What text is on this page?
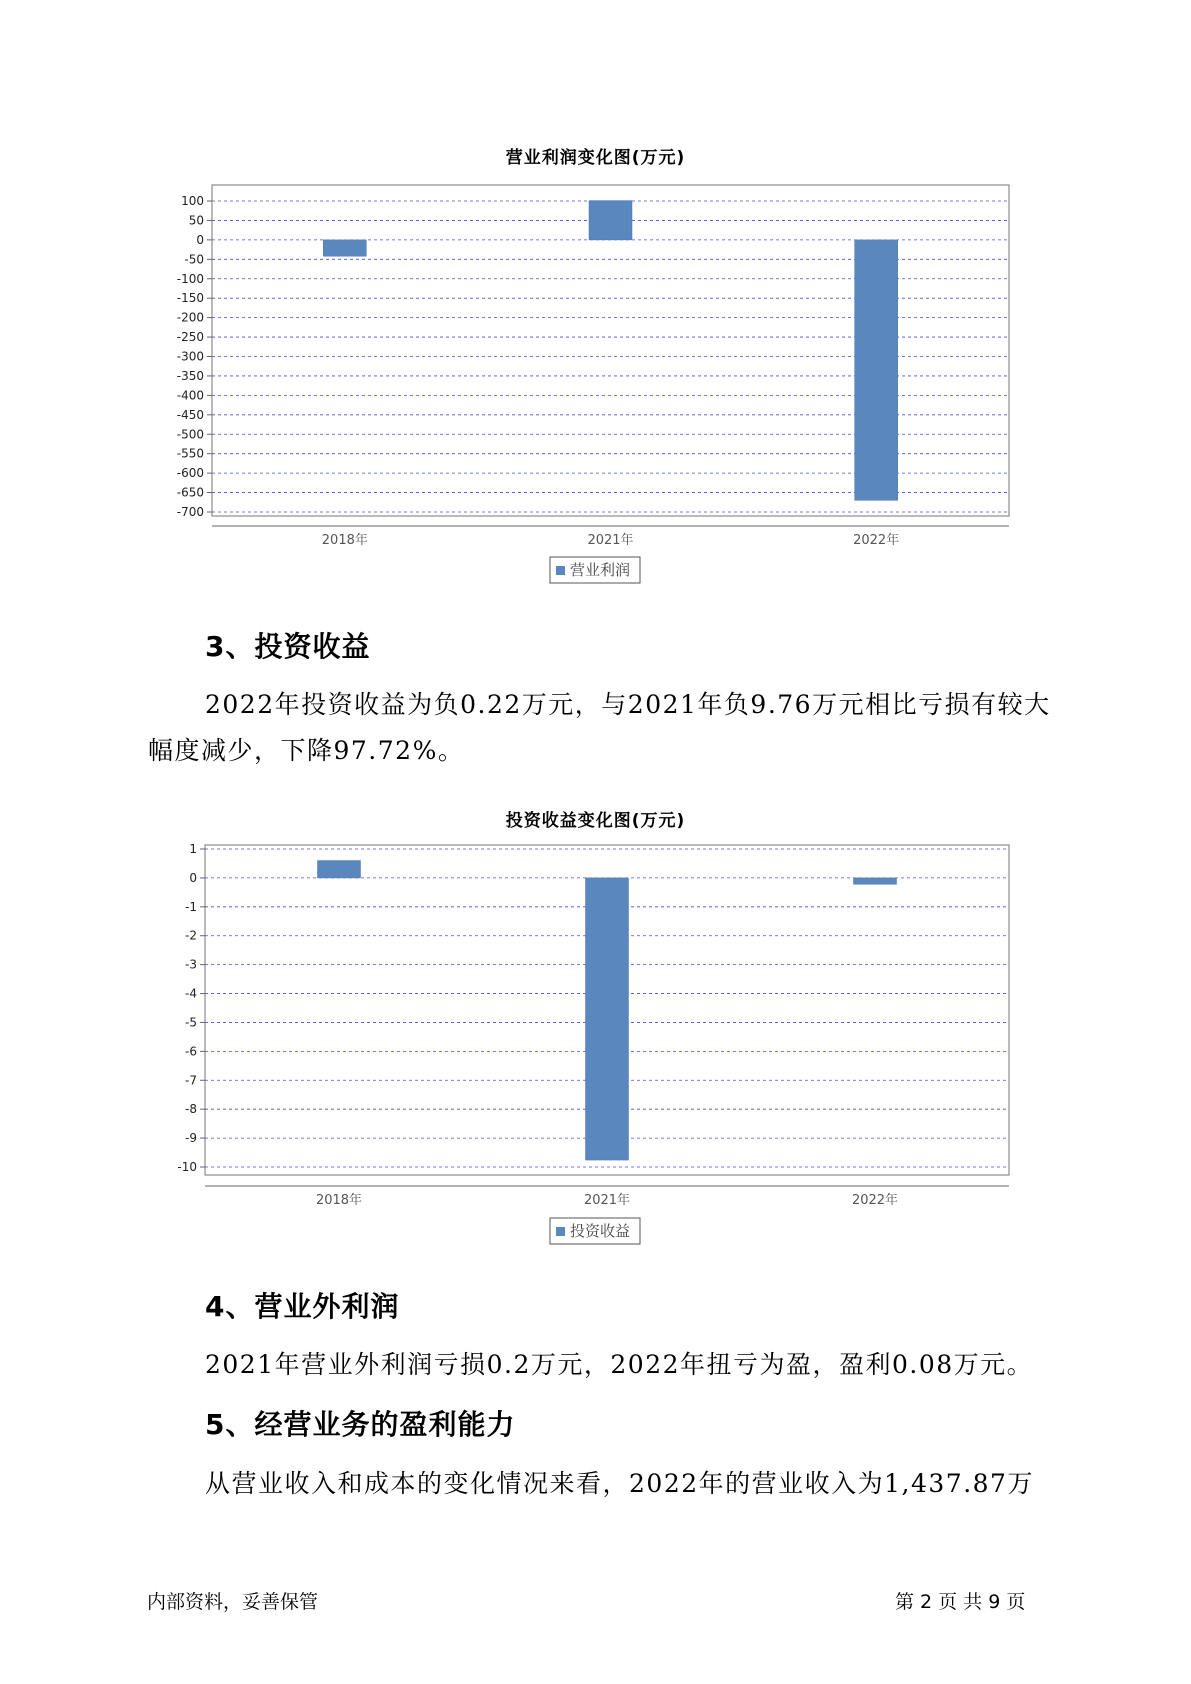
营业利润变化图(万元)
100
50
0
-50
-100
-150
-200
-250
-300
-350
-400
-450
-500
-550
-600
-650
-700
2018年	2021年	2022年
营业利润
3、投资收益
2022年投资收益为负0.22万元，与2021年负9.76万元相比亏损有较大
幅度减少，下降97.72%。
投资收益变化图(万元)
1
0
-1
-2
-3
-4
-5
-6
-7
-8
-9
-10
2018年	2021年	2022年
投资收益
4、营业外利润
2021年营业外利润亏损0.2万元，2022年扭亏为盈，盈利0.08万元。
5、经营业务的盈利能力
从营业收入和成本的变化情况来看，2022年的营业收入为1,437.87万
内部资料，妥善保管	第 2 页 共 9 页
